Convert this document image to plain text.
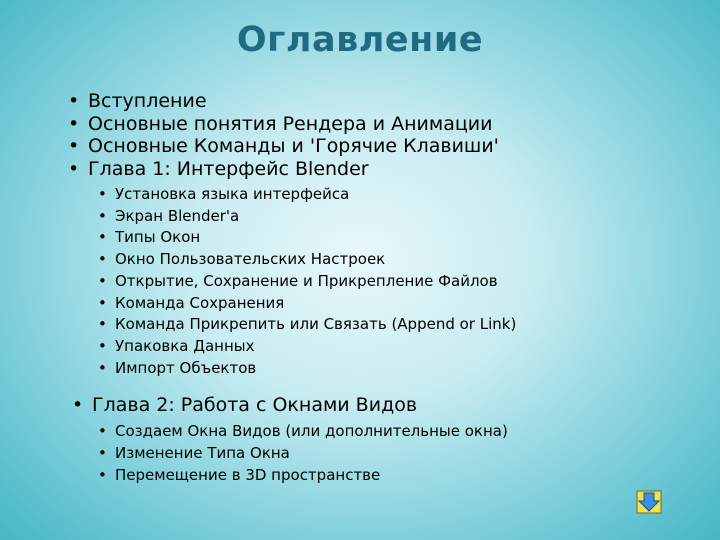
Оглавление
• Вступление
• Основные понятия Рендера и Анимации
• Основные Команды и 'Горячие Клавиши'
• Глава 1: Интерфейс Blender
• Установка языка интерфейса
• Экран Blender'a
• Типы Окон
• Окно Пользовательских Настроек
• Открытие, Сохранение и Прикрепление Файлов
• Команда Сохранения
• Команда Прикрепить или Связать (Append or Link)
• Упаковка Данных
• Импорт Объектов
• Глава 2: Работа с Окнами Видов
• Создаем Окна Видов (или дополнительные окна)
• Изменение Типа Окна
• Перемещение в 3D пространстве
